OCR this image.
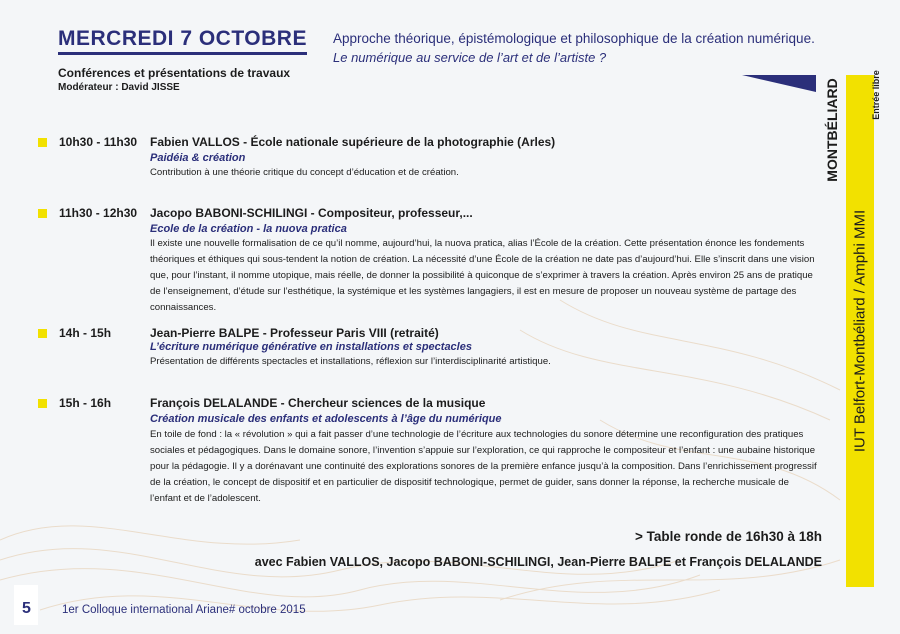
MERCREDI 7 OCTOBRE
Conférences et présentations de travaux
Modérateur : David JISSE
Approche théorique, épistémologique et philosophique de la création numérique.
Le numérique au service de l’art et de l’artiste ?
10h30 - 11h30 Fabien VALLOS - École nationale supérieure de la photographie (Arles)
Paidéia & création
Contribution à une théorie critique du concept d’éducation et de création.
11h30 - 12h30 Jacopo BABONI-SCHILINGI - Compositeur, professeur,...
Ecole de la création - la nuova pratica
Il existe une nouvelle formalisation de ce qu’il nomme, aujourd’hui, la nuova pratica, alias l’École de la création. Cette présentation énonce les fondements théoriques et éthiques qui sous-tendent la notion de création. La nécessité d’une École de la création ne date pas d’aujourd’hui. Elle s’inscrit dans une vision que, pour l’instant, il nomme utopique, mais réelle, de donner la possibilité à quiconque de s’exprimer à travers la création. Après environ 25 ans de pratique de l’enseignement, d’étude sur l’esthétique, la systémique et les systèmes langagiers, il est en mesure de proposer un nouveau système de partage des connaissances.
14h - 15h	Jean-Pierre BALPE - Professeur Paris VIII (retraité)
L’écriture numérique générative en installations et spectacles
Présentation de différents spectacles et installations, réflexion sur l’interdisciplinarité artistique.
15h - 16h	François DELALANDE - Chercheur sciences de la musique
Création musicale des enfants et adolescents à l’âge du numérique
En toile de fond : la « révolution » qui a fait passer d’une technologie de l’écriture aux technologies du sonore détermine une reconfiguration des pratiques sociales et pédagogiques. Dans le domaine sonore, l’invention s’appuie sur l’exploration, ce qui rapproche le compositeur et l’enfant : une aubaine historique pour la pédagogie. Il y a dorénavant une continuité des explorations sonores de la première enfance jusqu’à la composition. Dans l’enrichissement progressif de la création, le concept de dispositif et en particulier de dispositif technologique, permet de guider, sans donner la réponse, la recherche musicale de l’enfant et de l’adolescent.
> Table ronde de 16h30 à 18h
avec Fabien VALLOS, Jacopo BABONI-SCHILINGI, Jean-Pierre BALPE et François DELALANDE
IUT Belfort-Montbéliard / Amphi MMI
MONTBÉLIARD	Entrée libre
5	1er Colloque international Ariane# octobre 2015
